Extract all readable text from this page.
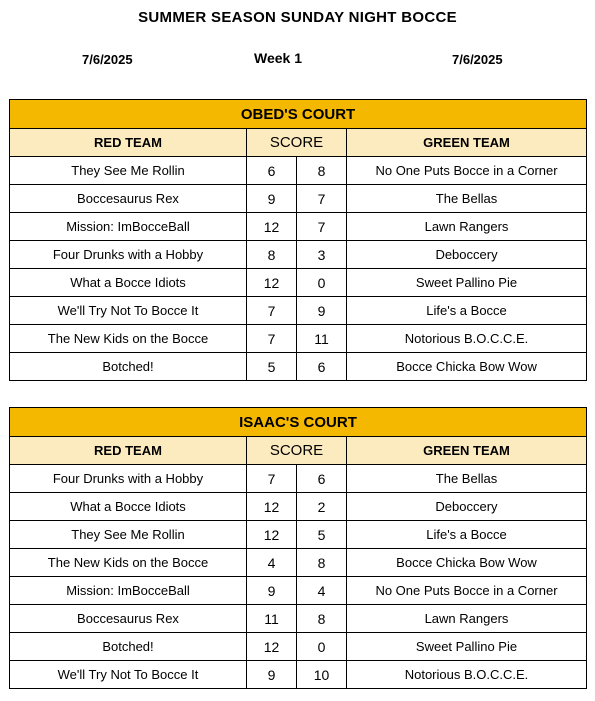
SUMMER SEASON SUNDAY NIGHT BOCCE
7/6/2025	Week 1	7/6/2025
OBED'S COURT			
RED TEAM	SCORE		GREEN TEAM
They See Me Rollin	6	8	No One Puts Bocce in a Corner
Boccesaurus Rex	9	7	The Bellas
Mission: ImBocceBall	12	7	Lawn Rangers
Four Drunks with a Hobby	8	3	Deboccery
What a Bocce Idiots	12	0	Sweet Pallino Pie
We'll Try Not To Bocce It	7	9	Life's a Bocce
The New Kids on the Bocce	7	11	Notorious B.O.C.C.E.
Botched!	5	6	Bocce Chicka Bow Wow
ISAAC'S COURT			
RED TEAM	SCORE		GREEN TEAM
Four Drunks with a Hobby	7	6	The Bellas
What a Bocce Idiots	12	2	Deboccery
They See Me Rollin	12	5	Life's a Bocce
The New Kids on the Bocce	4	8	Bocce Chicka Bow Wow
Mission: ImBocceBall	9	4	No One Puts Bocce in a Corner
Boccesaurus Rex	11	8	Lawn Rangers
Botched!	12	0	Sweet Pallino Pie
We'll Try Not To Bocce It	9	10	Notorious B.O.C.C.E.
